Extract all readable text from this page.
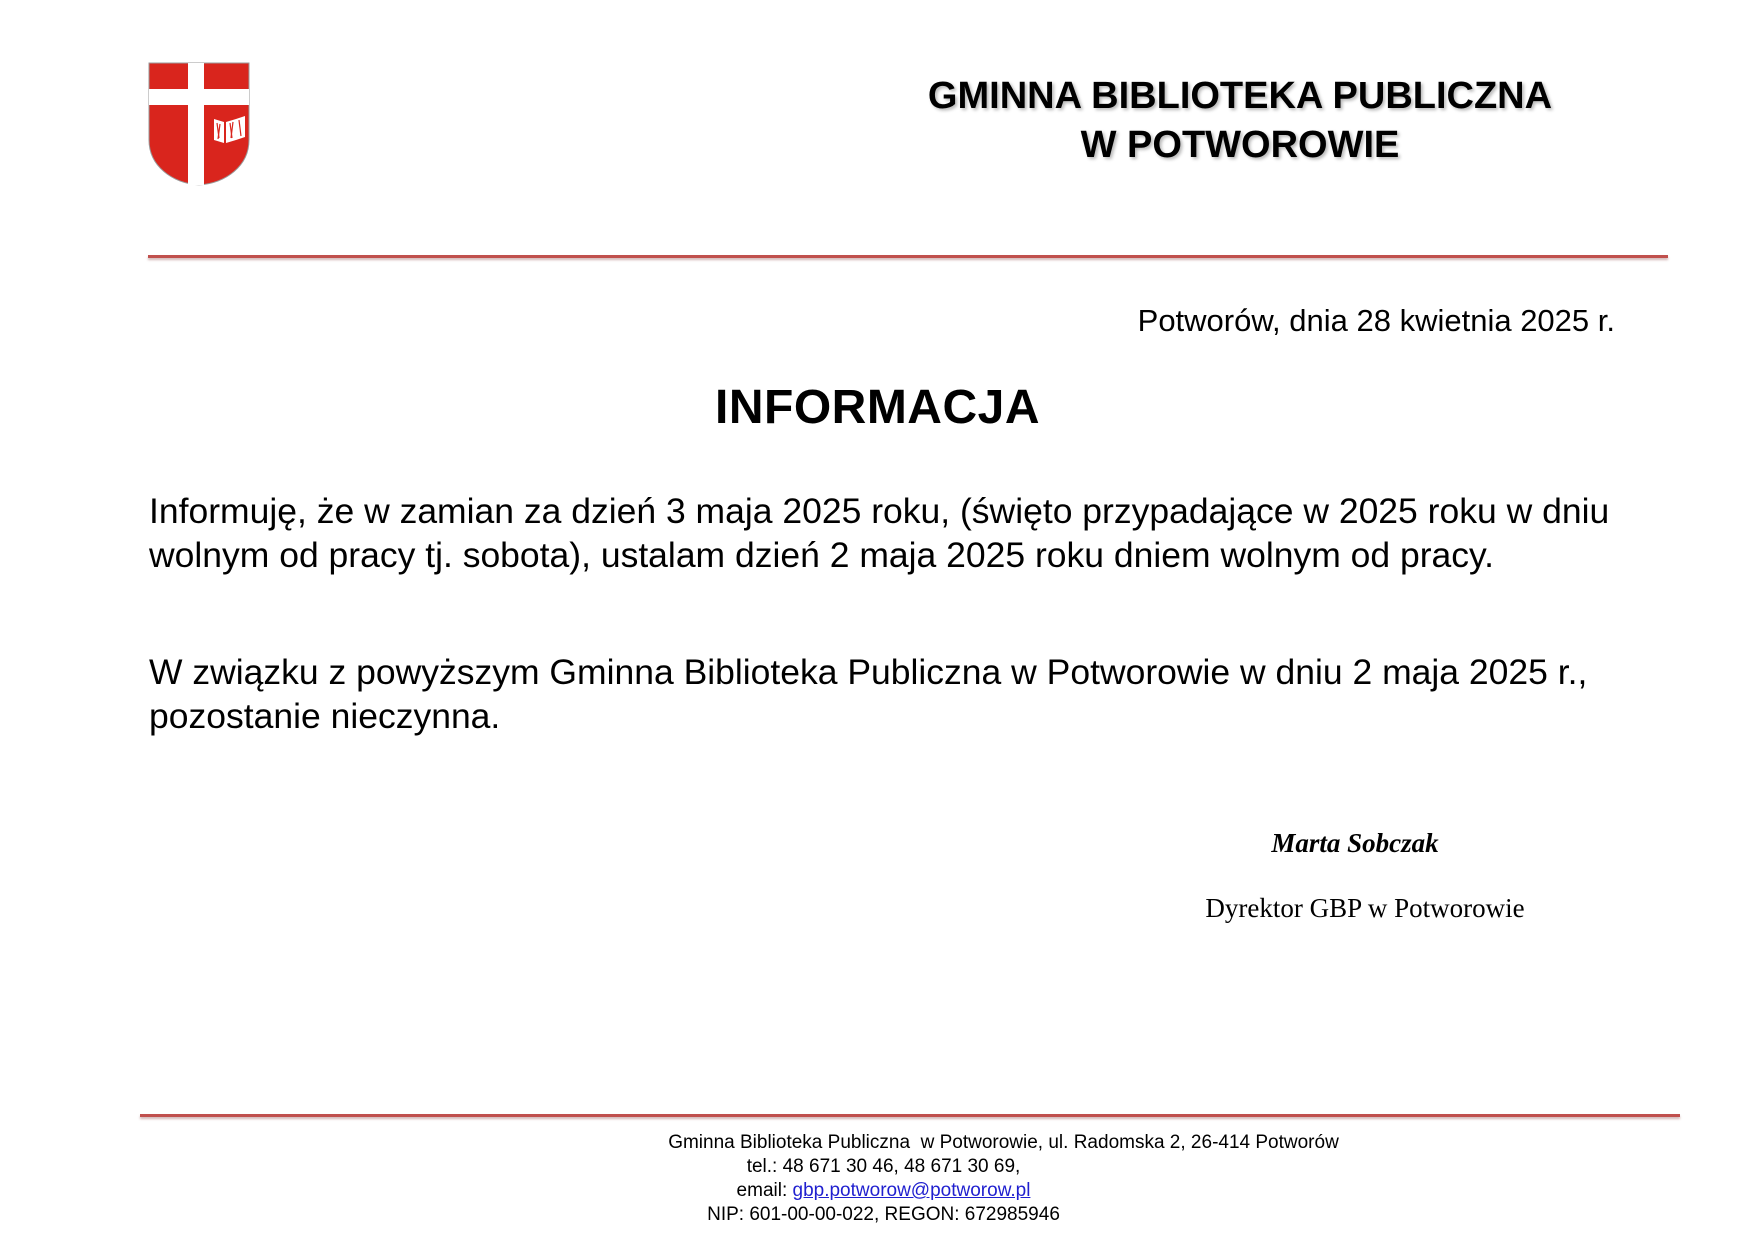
GMINNA BIBLIOTEKA PUBLICZNA
W POTWOROWIE
Potworów, dnia 28 kwietnia 2025 r.
INFORMACJA

Informuję, że w zamian za dzień 3 maja 2025 roku, (święto przypadające w 2025 roku w dniu wolnym od pracy tj. sobota), ustalam dzień 2 maja 2025 roku dniem wolnym od pracy.

W związku z powyższym Gminna Biblioteka Publiczna w Potworowie w dniu 2 maja 2025 r., pozostanie nieczynna.

Marta Sobczak
Dyrektor GBP w Potworowie
Gminna Biblioteka Publiczna  w Potworowie, ul. Radomska 2, 26-414 Potworów
tel.: 48 671 30 46, 48 671 30 69,
email: gbp.potworow@potworow.pl
NIP: 601-00-00-022, REGON: 672985946
